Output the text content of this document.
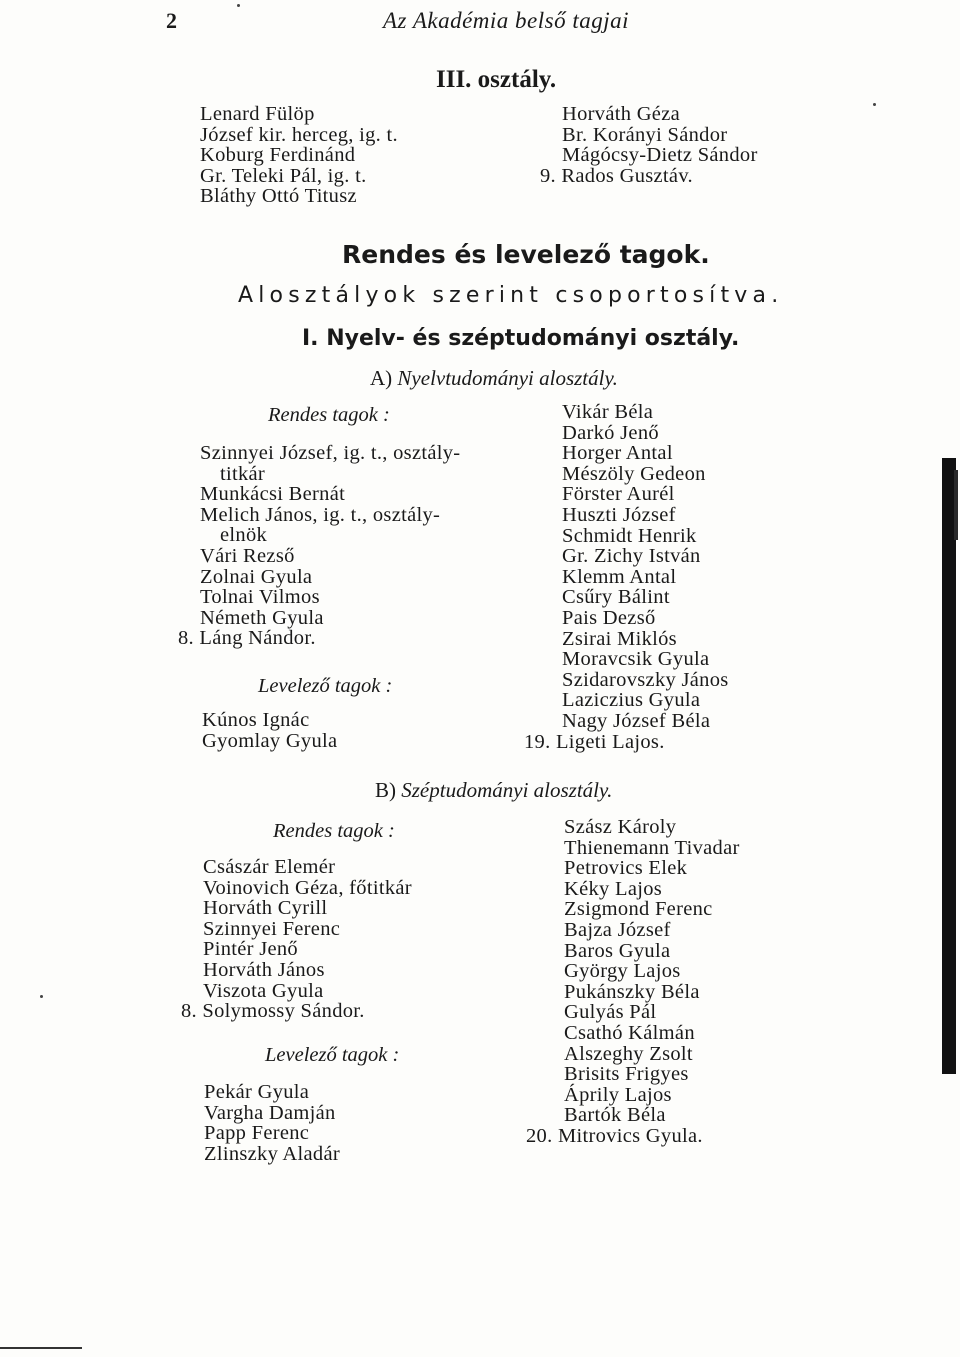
2	Az Akadémia belső tagjai
III. osztály.
Lenard Fülöp
József kir. herceg, ig. t.
Koburg Ferdinánd
Gr. Teleki Pál, ig. t.
Bláthy Ottó Titusz
Horváth Géza
Br. Korányi Sándor
Mágócsy-Dietz Sándor
9. Rados Gusztáv.
Rendes és levelező tagok.
Alosztályok szerint csoportosítva.
I. Nyelv- és széptudományi osztály.
A) Nyelvtudományi alosztály.
Rendes tagok :
Szinnyei József, ig. t., osztály-
titkár
Munkácsi Bernát
Melich János, ig. t., osztály-
elnök
Vári Rezső
Zolnai Gyula
Tolnai Vilmos
Németh Gyula
8. Láng Nándor.
Levelező tagok :
Kúnos Ignác
Gyomlay Gyula
Vikár Béla
Darkó Jenő
Horger Antal
Mészöly Gedeon
Förster Aurél
Huszti József
Schmidt Henrik
Gr. Zichy István
Klemm Antal
Csűry Bálint
Pais Dezső
Zsirai Miklós
Moravcsik Gyula
Szidarovszky János
Laziczius Gyula
Nagy József Béla
19. Ligeti Lajos.
B) Széptudományi alosztály.
Rendes tagok :
Császár Elemér
Voinovich Géza, főtitkár
Horváth Cyrill
Szinnyei Ferenc
Pintér Jenő
Horváth János
Viszota Gyula
8. Solymossy Sándor.
Levelező tagok :
Pekár Gyula
Vargha Damján
Papp Ferenc
Zlinszky Aladár
Szász Károly
Thienemann Tivadar
Petrovics Elek
Kéky Lajos
Zsigmond Ferenc
Bajza József
Baros Gyula
György Lajos
Pukánszky Béla
Gulyás Pál
Csathó Kálmán
Alszeghy Zsolt
Brisits Frigyes
Áprily Lajos
Bartók Béla
20. Mitrovics Gyula.
